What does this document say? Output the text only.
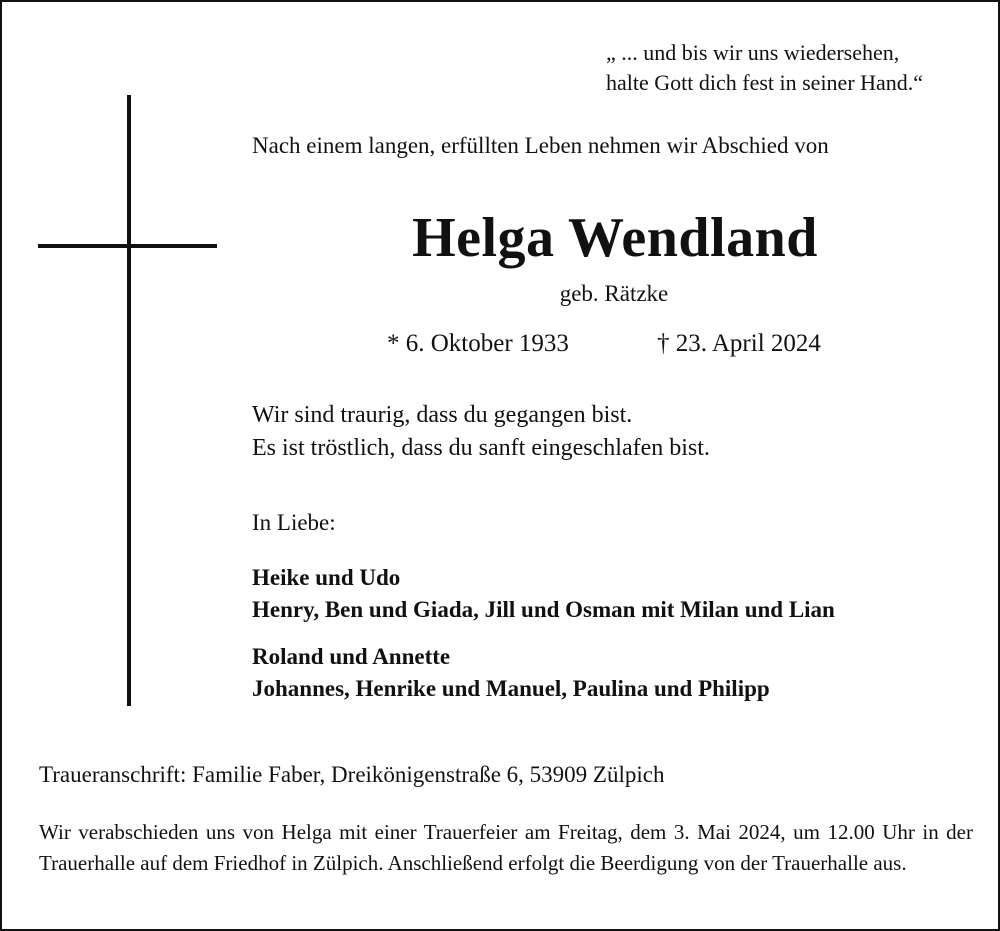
„ ... und bis wir uns wiedersehen,
halte Gott dich fest in seiner Hand.“
Nach einem langen, erfüllten Leben nehmen wir Abschied von
Helga Wendland
geb. Rätzke
* 6. Oktober 1933	† 23. April 2024
Wir sind traurig, dass du gegangen bist.
Es ist tröstlich, dass du sanft eingeschlafen bist.
In Liebe:
Heike und Udo
Henry, Ben und Giada, Jill und Osman mit Milan und Lian
Roland und Annette
Johannes, Henrike und Manuel, Paulina und Philipp
Traueranschrift: Familie Faber, Dreikönigenstraße 6, 53909 Zülpich
Wir verabschieden uns von Helga mit einer Trauerfeier am Freitag, dem 3. Mai 2024, um 12.00 Uhr in der Trauerhalle auf dem Friedhof in Zülpich. Anschließend erfolgt die Beerdigung von der Trauerhalle aus.
